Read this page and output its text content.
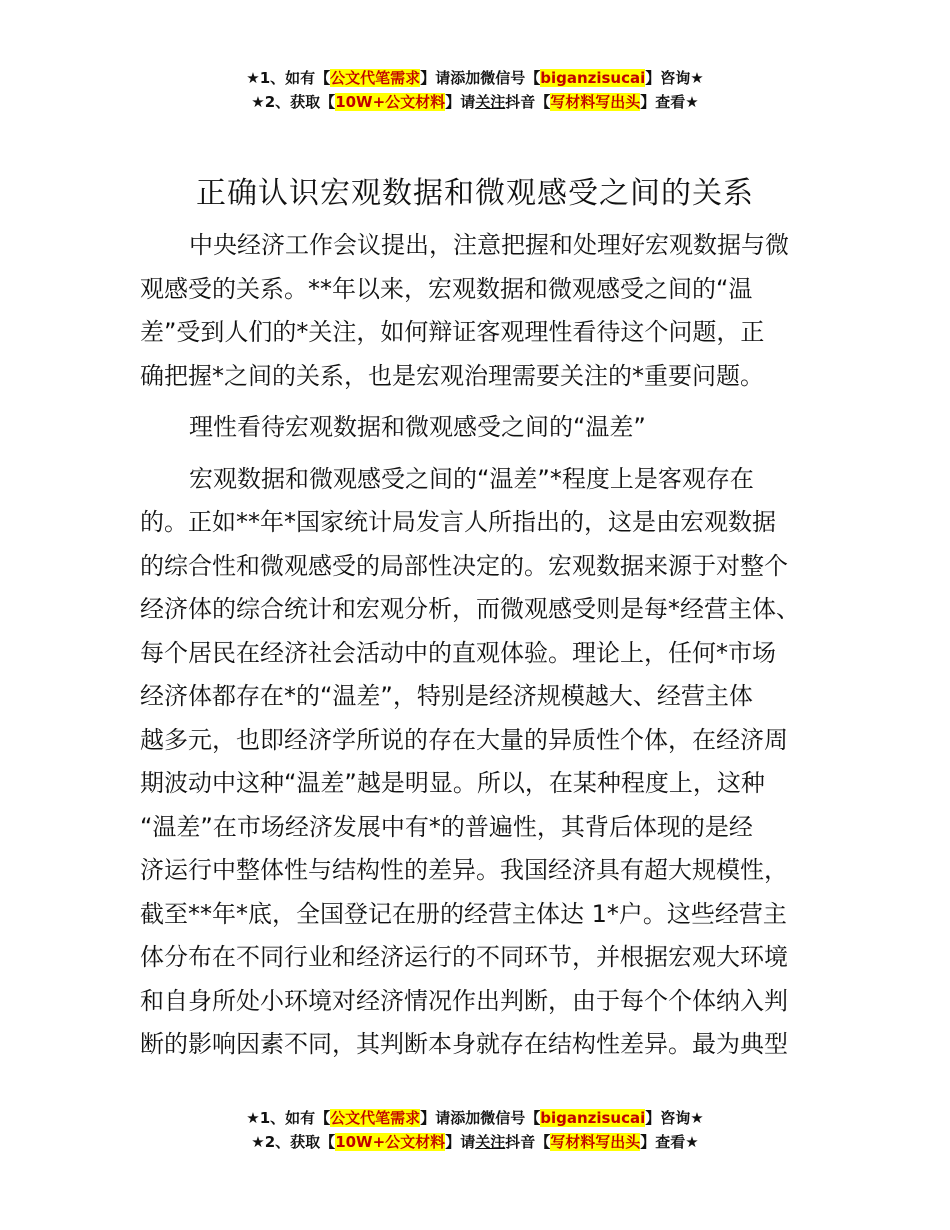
★1、如有【公文代笔需求】请添加微信号【biganzisucai】咨询★
★2、获取【10W+公文材料】请关注抖音【写材料写出头】查看★
正确认识宏观数据和微观感受之间的关系
中央经济工作会议提出，注意把握和处理好宏观数据与微
观感受的关系。**年以来，宏观数据和微观感受之间的“温
差”受到人们的*关注，如何辩证客观理性看待这个问题，正
确把握*之间的关系，也是宏观治理需要关注的*重要问题。
理性看待宏观数据和微观感受之间的“温差”
宏观数据和微观感受之间的“温差”*程度上是客观存在
的。正如**年*国家统计局发言人所指出的，这是由宏观数据
的综合性和微观感受的局部性决定的。宏观数据来源于对整个
经济体的综合统计和宏观分析，而微观感受则是每*经营主体、
每个居民在经济社会活动中的直观体验。理论上，任何*市场
经济体都存在*的“温差”，特别是经济规模越大、经营主体
越多元，也即经济学所说的存在大量的异质性个体，在经济周
期波动中这种“温差”越是明显。所以，在某种程度上，这种
“温差”在市场经济发展中有*的普遍性，其背后体现的是经
济运行中整体性与结构性的差异。我国经济具有超大规模性，
截至**年*底，全国登记在册的经营主体达 1*户。这些经营主
体分布在不同行业和经济运行的不同环节，并根据宏观大环境
和自身所处小环境对经济情况作出判断，由于每个个体纳入判
断的影响因素不同，其判断本身就存在结构性差异。最为典型
★1、如有【公文代笔需求】请添加微信号【biganzisucai】咨询★
★2、获取【10W+公文材料】请关注抖音【写材料写出头】查看★
